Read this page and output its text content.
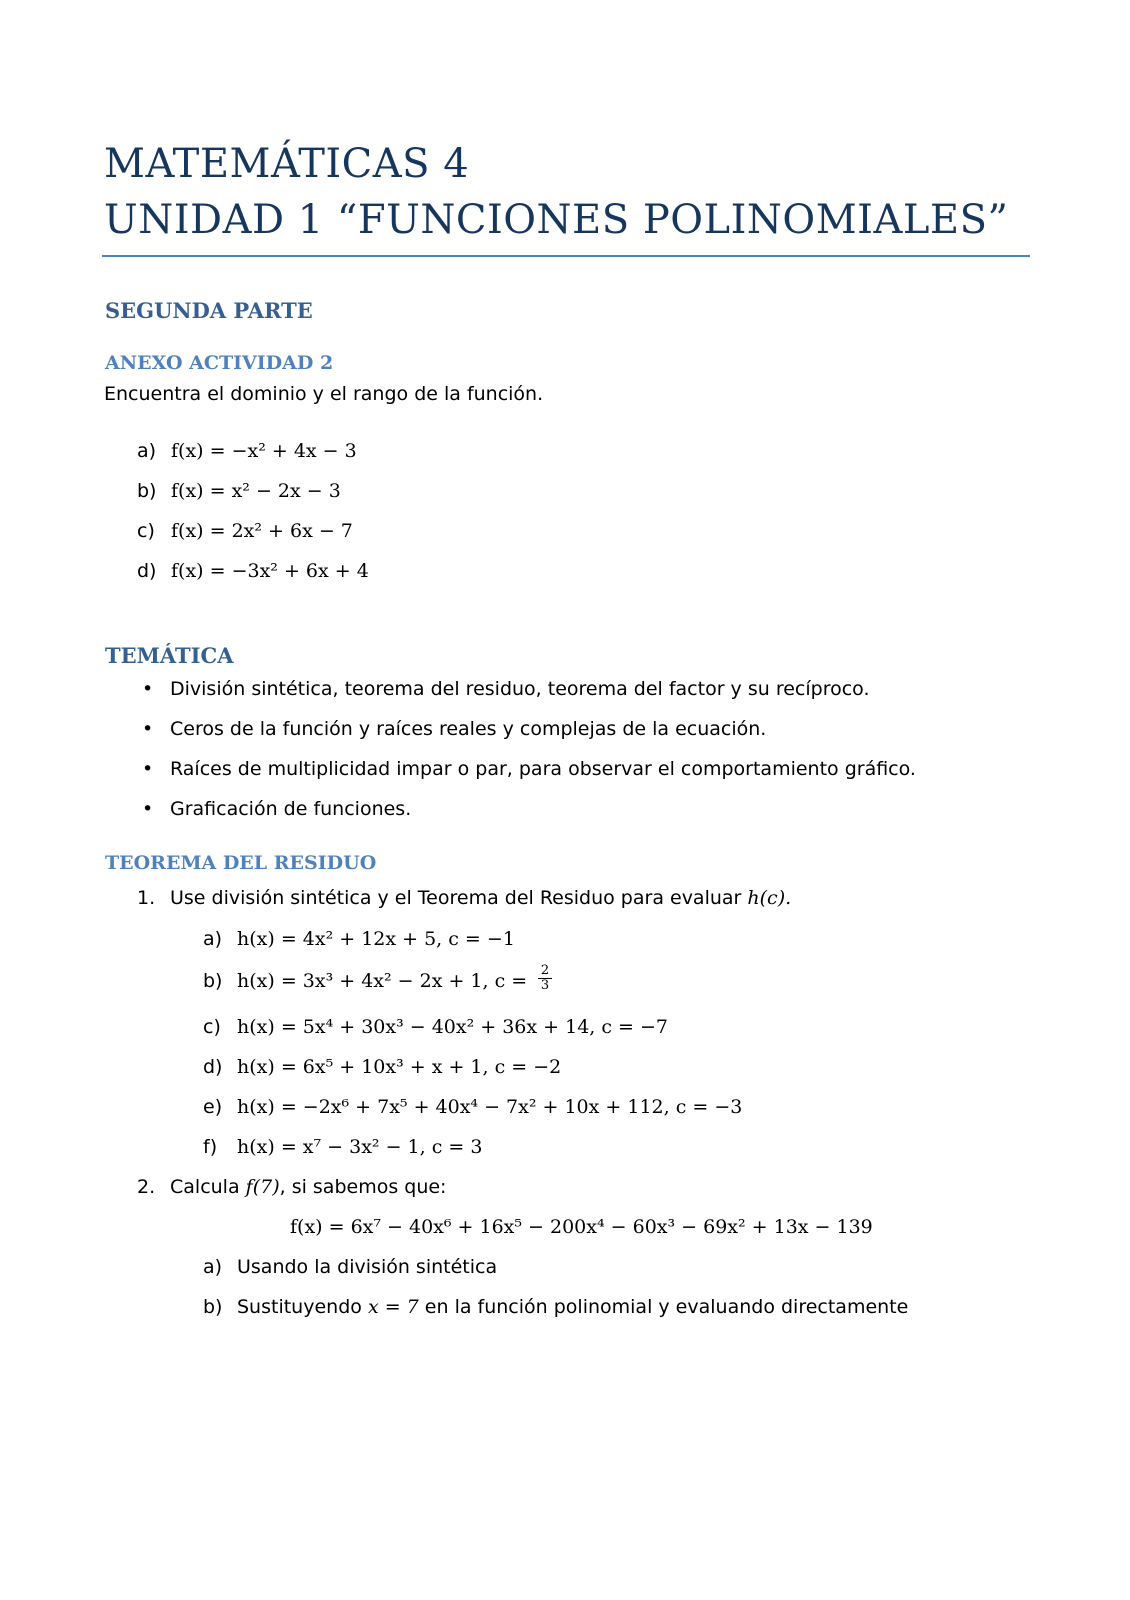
MATEMÁTICAS 4
UNIDAD 1 “FUNCIONES POLINOMIALES”
SEGUNDA PARTE
ANEXO ACTIVIDAD 2
Encuentra el dominio y el rango de la función.
a) f(x) = −x² + 4x − 3
b) f(x) = x² − 2x − 3
c) f(x) = 2x² + 6x − 7
d) f(x) = −3x² + 6x + 4
TEMÁTICA
• División sintética, teorema del residuo, teorema del factor y su recíproco.
• Ceros de la función y raíces reales y complejas de la ecuación.
• Raíces de multiplicidad impar o par, para observar el comportamiento gráfico.
• Graficación de funciones.
TEOREMA DEL RESIDUO
1. Use división sintética y el Teorema del Residuo para evaluar h(c).
a) h(x) = 4x² + 12x + 5, c = −1
b) h(x) = 3x³ + 4x² − 2x + 1, $c = \frac{2}{3}$
c) h(x) = 5x⁴ + 30x³ − 40x² + 36x + 14, c = −7
d) h(x) = 6x⁵ + 10x³ + x + 1, c = −2
e) h(x) = −2x⁶ + 7x⁵ + 40x⁴ − 7x² + 10x + 112, c = −3
f) h(x) = x⁷ − 3x² − 1, c = 3
2. Calcula f(7), si sabemos que:
f(x) = 6x⁷ − 40x⁶ + 16x⁵ − 200x⁴ − 60x³ − 69x² + 13x − 139
a) Usando la división sintética
b) Sustituyendo x = 7 en la función polinomial y evaluando directamente
